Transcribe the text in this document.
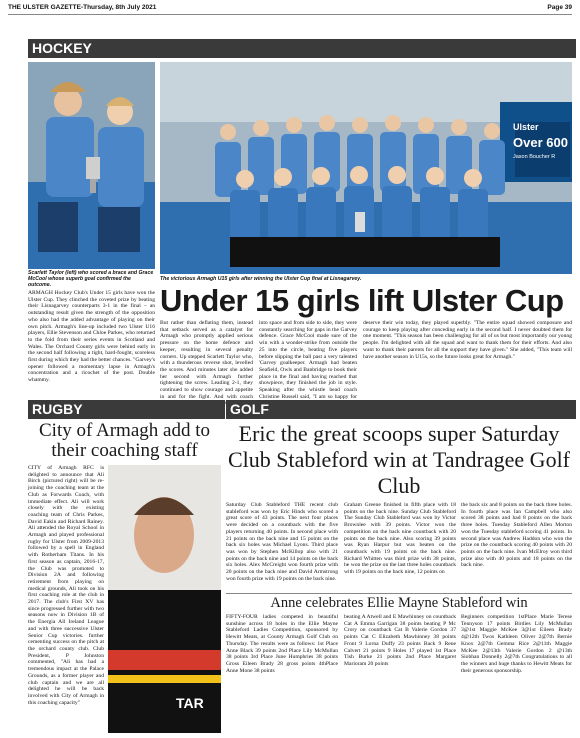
THE ULSTER GAZETTE-Thursday, 8th July 2021	Page 39
HOCKEY
Scarlett Taylor (left) who scored a brace and Grace McCool whose superb goal confirmed the outcome.
Ulster
Over 600
Jason Boucher R
The victorious Armagh U15 girls after winning the Ulster Cup final at Lisnagarvey.
Under 15 girls lift Ulster Cup
ARMAGH Hockey Club's Under 15 girls have won the Ulster Cup. They clinched the coveted prize by beating their Lisnagarvey counterparts 3-1 in the final – an outstanding result given the strength of the opposition who also had the added advantage of playing on their own pitch. Armagh's line-up included two Ulster U16 players, Ellie Stevenson and Chloe Parkes, who returned to the fold from their series events in Scotland and Wales. The Orchard County girls were behind early in the second half following a tight, hard-fought, scoreless first during which they had the better chances. "Garvey's opener followed a momentary lapse in Armagh's concentration and a ricochet of the post. Double whammy.
But rather than deflating them, instead that setback served as a catalyst for Armagh who promptly applied serious pressure on the home defence and keeper, resulting in several penalty corners. Up stepped Scarlett Taylor who, with a thunderous reverse shot, levelled the scores. And minutes later she added her second with Armagh further tightening the screw. Leading 2-1, they continued to show courage and appetite in and for the fight. And with coach
into space and from side to side, they were constantly searching for gaps in the Garvey defence. Grace McCool made sure of the win with a wonder-strike from outside the 25 into the circle, beating five players before slipping the ball past a very talented 'Garvey goalkeeper. Armagh had beaten Seafield, Owls and Banbridge to book their place in the final and having reached that showpiece, they finished the job in style. Speaking after the whistle head coach Christine Russell said, "I am so happy for
deserve their win today, they played superbly. "The entire squad showed composure and courage to keep playing after conceding early in the second half. I never doubted them for one moment. "This season has been challenging for all of us but most importantly our young people. I'm delighted with all the squad and want to thank them for their efforts. And also want to thank their parents for all the support they have given." She added, "This team will have another season in U15s, so the future looks great for Armagh."
RUGBY
City of Armagh add to their coaching staff
CITY of Armagh RFC is delighted to announce that Ali Birch (pictured right) will be re-joining the coaching team at the Club as Forwards Coach, with immediate effect. Ali will work closely with the existing coaching team of Chris Parkes, David Eakin and Richard Rainey. Ali attended the Royal School in Armagh and played professional rugby for Ulster from 2009-2013 followed by a spell in England with Rotherham Titans. In his first season as captain, 2016-17, the Club was promoted to Division 2A and following retirement from playing on medical grounds, Ali took on his first coaching role at the club in 2017. The club's First XV has since progressed further with two seasons now in Division 1B of the Energia All Ireland League and with three successive Ulster Senior Cup victories. further cementing success on the pitch at the orchard county club. Club President, P Johnston commented, "Ali has had a tremendous impact at the Palace Grounds, as a former player and club captain and we are all delighted he will be back involved with City of Armagh in this coaching capacity"	TAR
GOLF
Eric the great scoops super Saturday Club Stableford win at Tandragee Golf Club
Saturday Club Stableford THE recent club stableford was won by Eric Hinds who scored a great score of 43 points. The next four places were decided on a countback with the five players returning 40 points. In second place with 21 points on the back nine and 15 points on the back six holes was Michael Lyons. Third place was won by Stephen McKillop also with 21 points on the back nine and 14 points on the back six holes. Alex McCreight won fourth prize with 20 points on the back nine and David Armstrong won fourth prize with 19 points on the back nine.
Graham Greene finished in fifth place with 18 points on the back nine. Sunday Club Stableford The Sunday Club Stableford was won by Victor Brownlee with 39 points. Victor won the competition on the back nine countback with 20 points on the back nine. Also scoring 39 points was Ryan Harpur but was beaten on the countback with 19 points on the back nine. Richard Whitten was third prize with 38 points, he won the prize on the last three holes countback with 19 points on the back nine, 12 points on
the back six and 8 points on the back three holes. In fourth place was Ian Campbell who also scored 38 points and had 8 points on the back three holes. Tuesday Stableford Allen Morton won the Tuesday stableford scoring 41 points. In second place was Andrew Haddon who won the prize on the countback scoring 40 points with 20 points on the back nine. Ivan McElroy won third prize also with 40 points and 18 points on the back nine.
Anne celebrates Ellie Mayne Stableford win
FIFTY-FOUR ladies competed in beautiful sunshine across 18 holes in the Ellie Mayne Stableford Ladies Competition, sponsored by Hewitt Meats, at County Armagh Golf Club on Thursday. The results were as follows: 1st Place Anne Black 39 points 2nd Place Lily McMullan 38 points 3rd Place June Humphries 38 points Gross Eileen Brady 28 gross points 4thPlace Anne Mone 38 points
beating A Atwell and E Mawhinney on countback Cat A Emma Garrigan 38 points beating P Mc Crory on countback Cat B Valerie Gordon 37 points Cat C Elizabeth Mawhinney 38 points Front 9 Lorna Duffy 23 points Back 9 Rene Calvert 21 points 9 Holes 17 played 1st Place Tish Burke 21 points 2nd Place Margaret Marioram 20 points
Beginners competition 1stPlace Marie Terese Tennyson 17 points Birdies Lily McMullan 3@1st Maggie McKee 3@1st Eileen Brady 4@12th Twos Kathleen Oliver 2@7th Bernie Knox 2@7th Gemma Rice 2@11th Maggie McKee 2@13th Valerie Gordon 2 @13th Siobhan Donnelly 2@7th Congratulations to all the winners and huge thanks to Hewitt Meats for their generous sponsorship.
